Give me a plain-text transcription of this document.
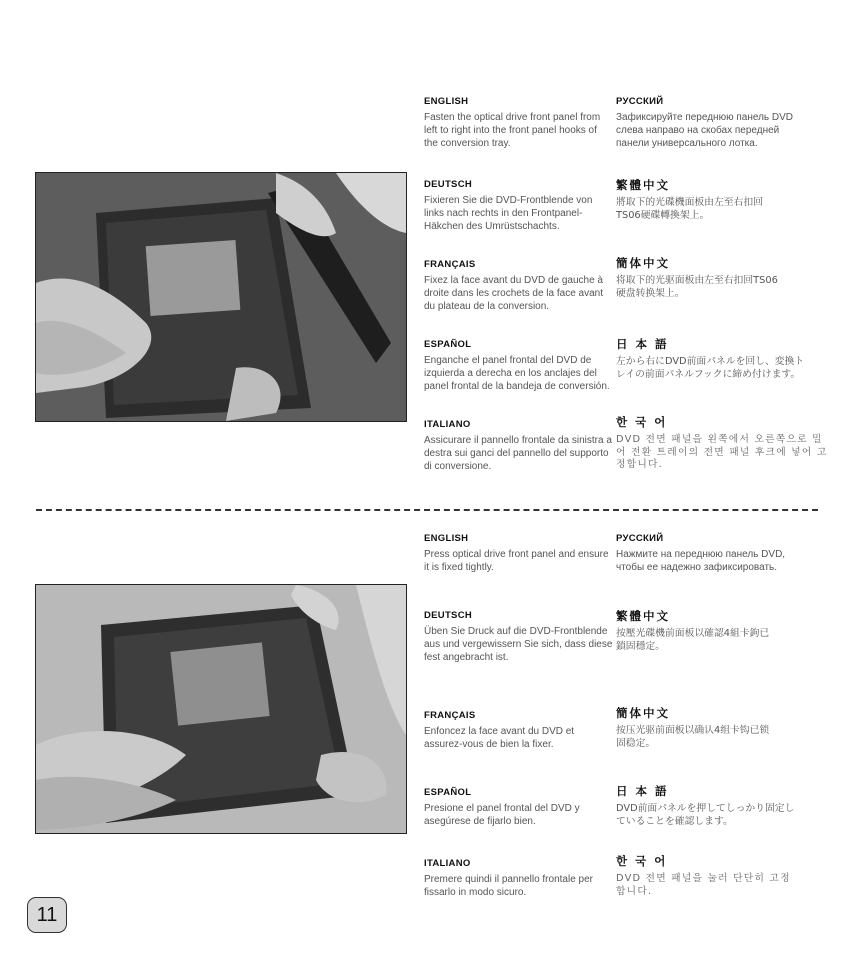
ENGLISH

Fasten the optical drive front panel from left to right into the front panel hooks of the conversion tray.

DEUTSCH

Fixieren Sie die DVD-Frontblende von links nach rechts in den Frontpanel-Häkchen des Umrüstschachts.

FRANÇAIS

Fixez la face avant du DVD de gauche à droite dans les crochets de la face avant du plateau de la conversion.

ESPAÑOL

Enganche el panel frontal del DVD de izquierda a derecha en los anclajes del panel frontal de la bandeja de conversión.

ITALIANO

Assicurare il pannello frontale da sinistra a destra sui ganci del pannello del supporto di conversione.

РУССКИЙ

Зафиксируйте переднюю панель DVD слева направо на скобах передней панели универсального лотка.

繁體中文

將取下的光碟機面板由左至右扣回TS06硬碟轉換架上。

簡体中文

将取下的光驱面板由左至右扣回TS06硬盘转换架上。

日 本 語

左から右にDVD前面パネルを回し、変換トレイの前面パネルフックに締め付けます。

한 국 어

DVD 전면 패널을 왼쪽에서 오른쪽으로 밀어 전환 트레이의 전면 패널 후크에 넣어 고정합니다.

ENGLISH

Press optical drive front panel and ensure it is fixed tightly.

DEUTSCH

Üben Sie Druck auf die DVD-Frontblende aus und vergewissern Sie sich, dass diese fest angebracht ist.

FRANÇAIS

Enfoncez la face avant du DVD et assurez-vous de bien la fixer.

ESPAÑOL

Presione el panel frontal del DVD y asegúrese de fijarlo bien.

ITALIANO

Premere quindi il pannello frontale per fissarlo in modo sicuro.

РУССКИЙ

Нажмите на переднюю панель DVD, чтобы ее надежно зафиксировать.

繁體中文

按壓光碟機前面板以確認4組卡鉤已鎖固穩定。

簡体中文

按压光驱前面板以确认4组卡钩已锁固稳定。

日 本 語

DVD前面パネルを押してしっかり固定していることを確認します。

한 국 어

DVD 전면 패널을 눌러 단단히 고정합니다.

11
